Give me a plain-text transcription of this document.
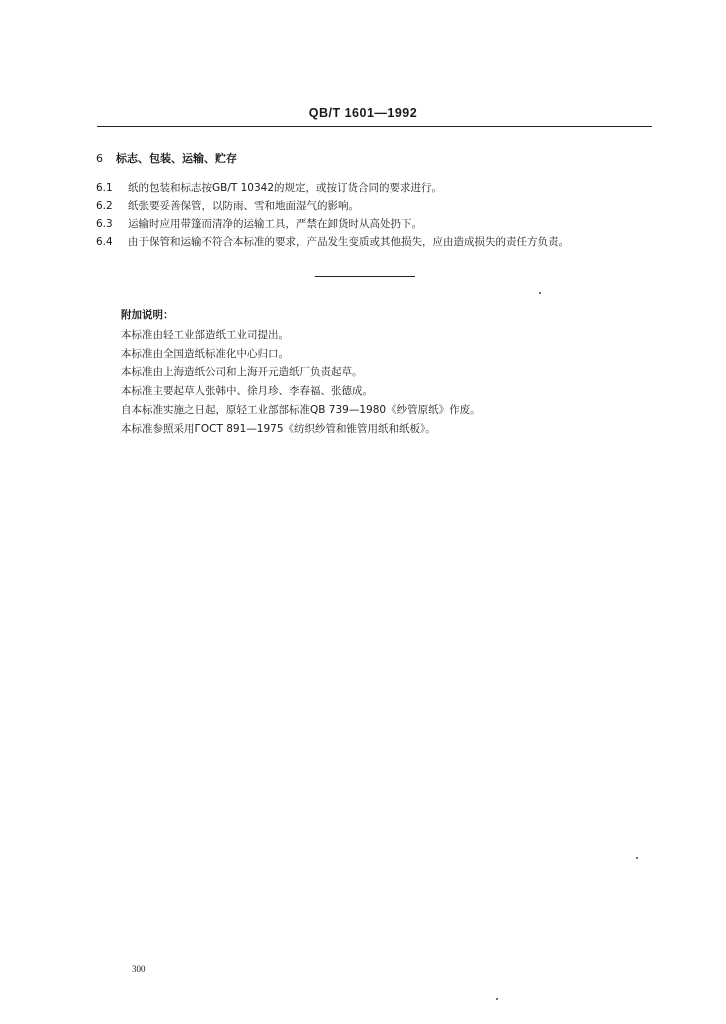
QB/T 1601—1992
6 标志、包装、运输、贮存
6.1 纸的包装和标志按GB/T 10342的规定，或按订货合同的要求进行。
6.2 纸张要妥善保管，以防雨、雪和地面湿气的影响。
6.3 运输时应用带篷而清净的运输工具，严禁在卸货时从高处扔下。
6.4 由于保管和运输不符合本标准的要求，产品发生变质或其他损失，应由造成损失的责任方负责。
附加说明：
本标准由轻工业部造纸工业司提出。
本标准由全国造纸标准化中心归口。
本标准由上海造纸公司和上海开元造纸厂负责起草。
本标准主要起草人张韩中、徐月珍、李春福、张德成。
自本标准实施之日起，原轻工业部部标准QB 739—1980《纱管原纸》作废。
本标准参照采用ГОСТ 891—1975《纺织纱管和锥管用纸和纸板》。
300
